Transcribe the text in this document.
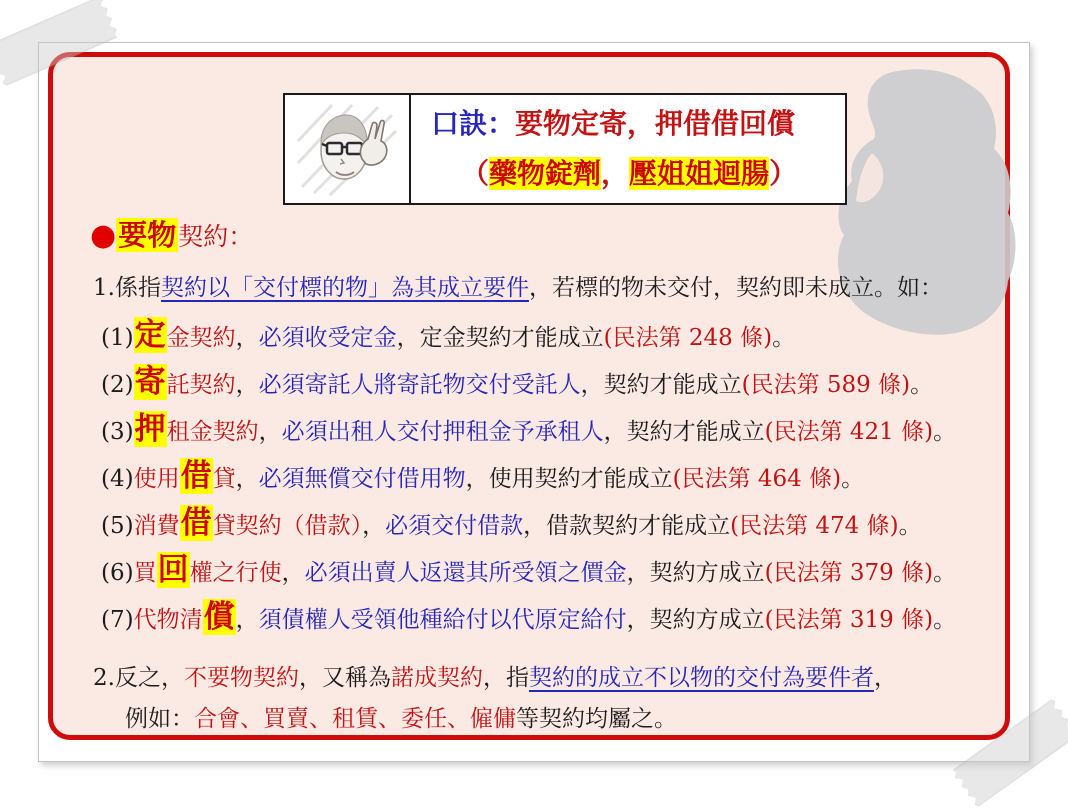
口訣：要物定寄，押借借回償
（藥物錠劑，壓姐姐迴腸）
●要物契約：
1.係指契約以「交付標的物」為其成立要件，若標的物未交付，契約即未成立。如：
(1)定金契約，必須收受定金，定金契約才能成立(民法第 248 條)。
(2)寄託契約，必須寄託人將寄託物交付受託人，契約才能成立(民法第 589 條)。
(3)押租金契約，必須出租人交付押租金予承租人，契約才能成立(民法第 421 條)。
(4)使用借貸，必須無償交付借用物，使用契約才能成立(民法第 464 條)。
(5)消費借貸契約（借款），必須交付借款，借款契約才能成立(民法第 474 條)。
(6)買回權之行使，必須出賣人返還其所受領之價金，契約方成立(民法第 379 條)。
(7)代物清償，須債權人受領他種給付以代原定給付，契約方成立(民法第 319 條)。
2.反之，不要物契約，又稱為諾成契約，指契約的成立不以物的交付為要件者，
例如：合會、買賣、租賃、委任、僱傭等契約均屬之。
